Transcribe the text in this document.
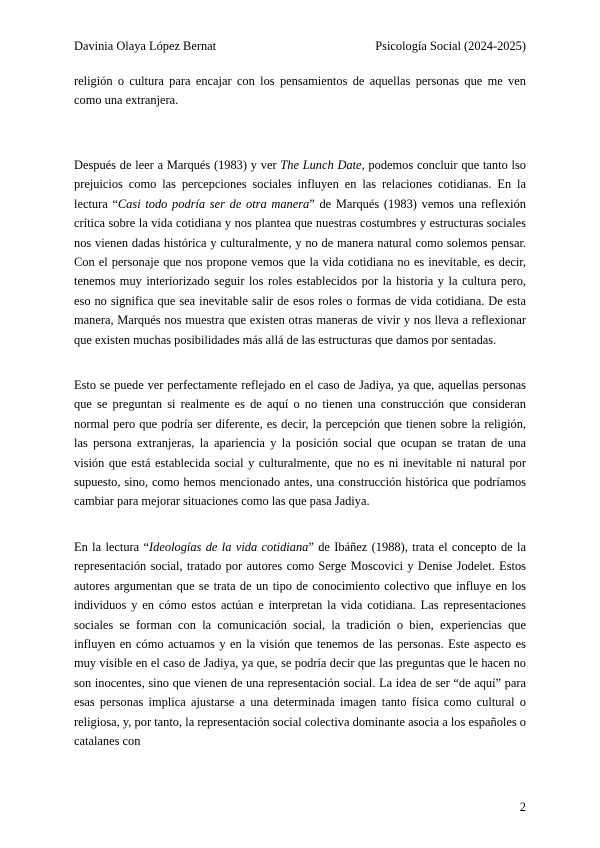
Davinia Olaya López Bernat	Psicología Social (2024-2025)

religión o cultura para encajar con los pensamientos de aquellas personas que me ven como una extranjera.

Después de leer a Marqués (1983) y ver The Lunch Date, podemos concluir que tanto lso prejuicios como las percepciones sociales influyen en las relaciones cotidianas. En la lectura “Casi todo podría ser de otra manera” de Marqués (1983) vemos una reflexión crítica sobre la vida cotidiana y nos plantea que nuestras costumbres y estructuras sociales nos vienen dadas histórica y culturalmente, y no de manera natural como solemos pensar. Con el personaje que nos propone vemos que la vida cotidiana no es inevitable, es decir, tenemos muy interiorizado seguir los roles establecidos por la historia y la cultura pero, eso no significa que sea inevitable salir de esos roles o formas de vida cotidiana. De esta manera, Marqués nos muestra que existen otras maneras de vivir y nos lleva a reflexionar que existen muchas posibilidades más allá de las estructuras que damos por sentadas.

Esto se puede ver perfectamente reflejado en el caso de Jadiya, ya que, aquellas personas que se preguntan si realmente es de aquí o no tienen una construcción que consideran normal pero que podría ser diferente, es decir, la percepción que tienen sobre la religión, las persona extranjeras, la apariencia y la posición social que ocupan se tratan de una visión que está establecida social y culturalmente, que no es ni inevitable ni natural por supuesto, sino, como hemos mencionado antes, una construcción histórica que podríamos cambiar para mejorar situaciones como las que pasa Jadiya.

En la lectura “Ideologías de la vida cotidiana” de Ibáñez (1988), trata el concepto de la representación social, tratado por autores como Serge Moscovici y Denise Jodelet. Estos autores argumentan que se trata de un tipo de conocimiento colectivo que influye en los individuos y en cómo estos actúan e interpretan la vida cotidiana. Las representaciones sociales se forman con la comunicación social, la tradición o bien, experiencias que influyen en cómo actuamos y en la visión que tenemos de las personas. Este aspecto es muy visible en el caso de Jadiya, ya que, se podría decir que las preguntas que le hacen no son inocentes, sino que vienen de una representación social. La idea de ser “de aquí” para esas personas implica ajustarse a una determinada imagen tanto física como cultural o religiosa, y, por tanto, la representación social colectiva dominante asocia a los españoles o catalanes con

2
